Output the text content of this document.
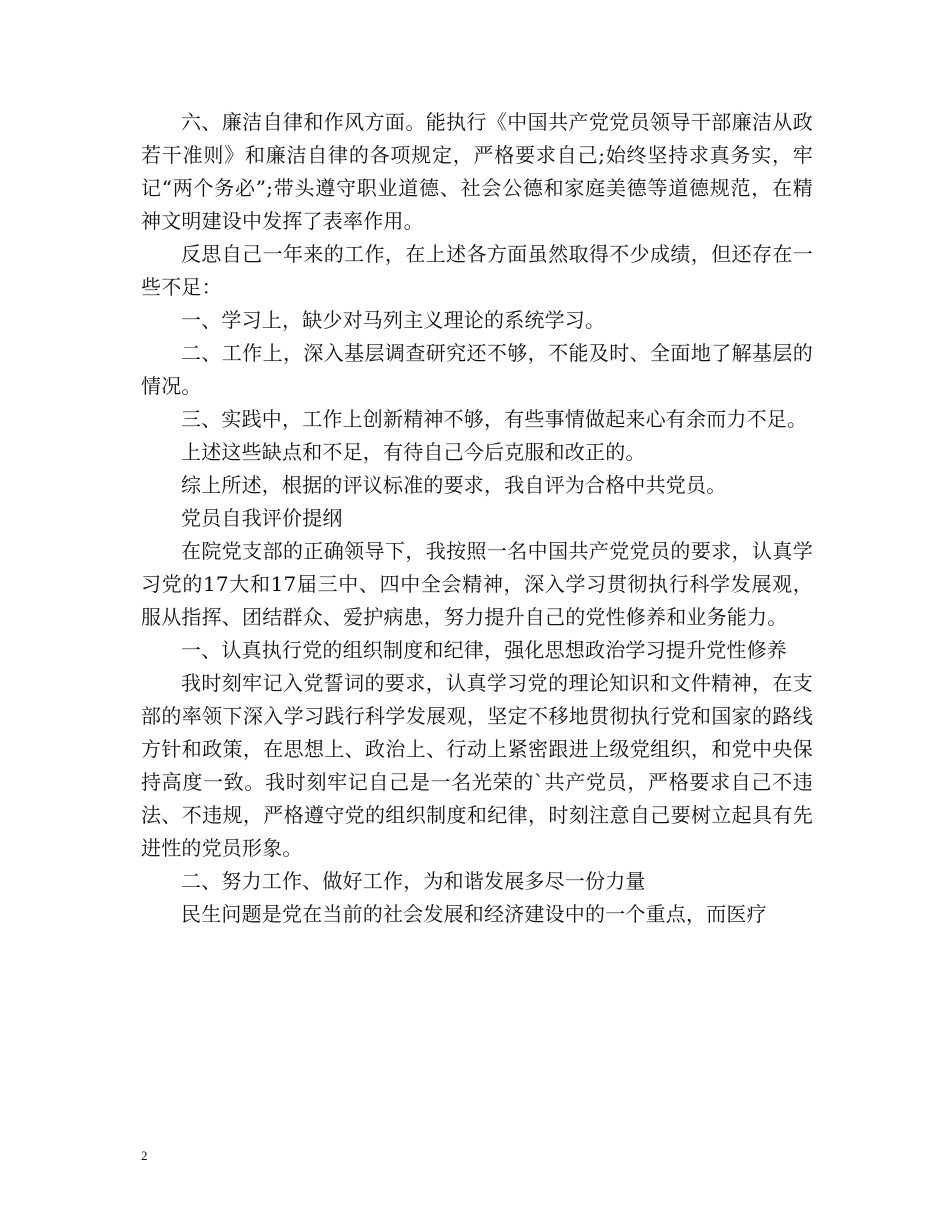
六、廉洁自律和作风方面。能执行《中国共产党党员领导干部廉洁从政若干准则》和廉洁自律的各项规定，严格要求自己;始终坚持求真务实，牢记“两个务必”;带头遵守职业道德、社会公德和家庭美德等道德规范，在精神文明建设中发挥了表率作用。

反思自己一年来的工作，在上述各方面虽然取得不少成绩，但还存在一些不足：

一、学习上，缺少对马列主义理论的系统学习。

二、工作上，深入基层调查研究还不够，不能及时、全面地了解基层的情况。

三、实践中，工作上创新精神不够，有些事情做起来心有余而力不足。

上述这些缺点和不足，有待自己今后克服和改正的。

综上所述，根据的评议标准的要求，我自评为合格中共党员。

党员自我评价提纲

在院党支部的正确领导下，我按照一名中国共产党党员的要求，认真学习党的17大和17届三中、四中全会精神，深入学习贯彻执行科学发展观，服从指挥、团结群众、爱护病患，努力提升自己的党性修养和业务能力。

一、认真执行党的组织制度和纪律，强化思想政治学习提升党性修养

我时刻牢记入党誓词的要求，认真学习党的理论知识和文件精神，在支部的率领下深入学习践行科学发展观，坚定不移地贯彻执行党和国家的路线方针和政策，在思想上、政治上、行动上紧密跟进上级党组织，和党中央保持高度一致。我时刻牢记自己是一名光荣的`共产党员，严格要求自己不违法、不违规，严格遵守党的组织制度和纪律，时刻注意自己要树立起具有先进性的党员形象。

二、努力工作、做好工作，为和谐发展多尽一份力量

民生问题是党在当前的社会发展和经济建设中的一个重点，而医疗

2
